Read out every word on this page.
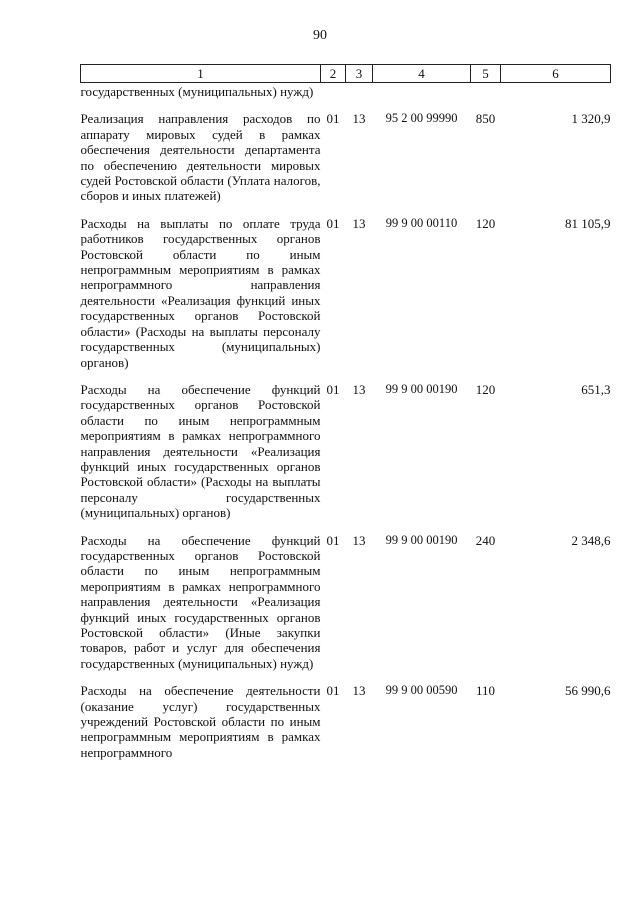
90
1	2	3	4	5	6
государственных (муниципальных) нужд)					
Реализация направления расходов по аппарату мировых судей в рамках обеспечения деятельности департамента по обеспечению деятельности мировых судей Ростовской области (Уплата налогов, сборов и иных платежей)	01	13	95 2 00 99990	850	1 320,9
Расходы на выплаты по оплате труда работников государственных органов Ростовской области по иным непрограммным мероприятиям в рамках непрограммного направления деятельности «Реализация функций иных государственных органов Ростовской области» (Расходы на выплаты персоналу государственных (муниципальных) органов)	01	13	99 9 00 00110	120	81 105,9
Расходы на обеспечение функций государственных органов Ростовской области по иным непрограммным мероприятиям в рамках непрограммного направления деятельности «Реализация функций иных государственных органов Ростовской области» (Расходы на выплаты персоналу государственных (муниципальных) органов)	01	13	99 9 00 00190	120	651,3
Расходы на обеспечение функций государственных органов Ростовской области по иным непрограммным мероприятиям в рамках непрограммного направления деятельности «Реализация функций иных государственных органов Ростовской области» (Иные закупки товаров, работ и услуг для обеспечения государственных (муниципальных) нужд)	01	13	99 9 00 00190	240	2 348,6
Расходы на обеспечение деятельности (оказание услуг) государственных учреждений Ростовской области по иным непрограммным мероприятиям в рамках непрограммного	01	13	99 9 00 00590	110	56 990,6
